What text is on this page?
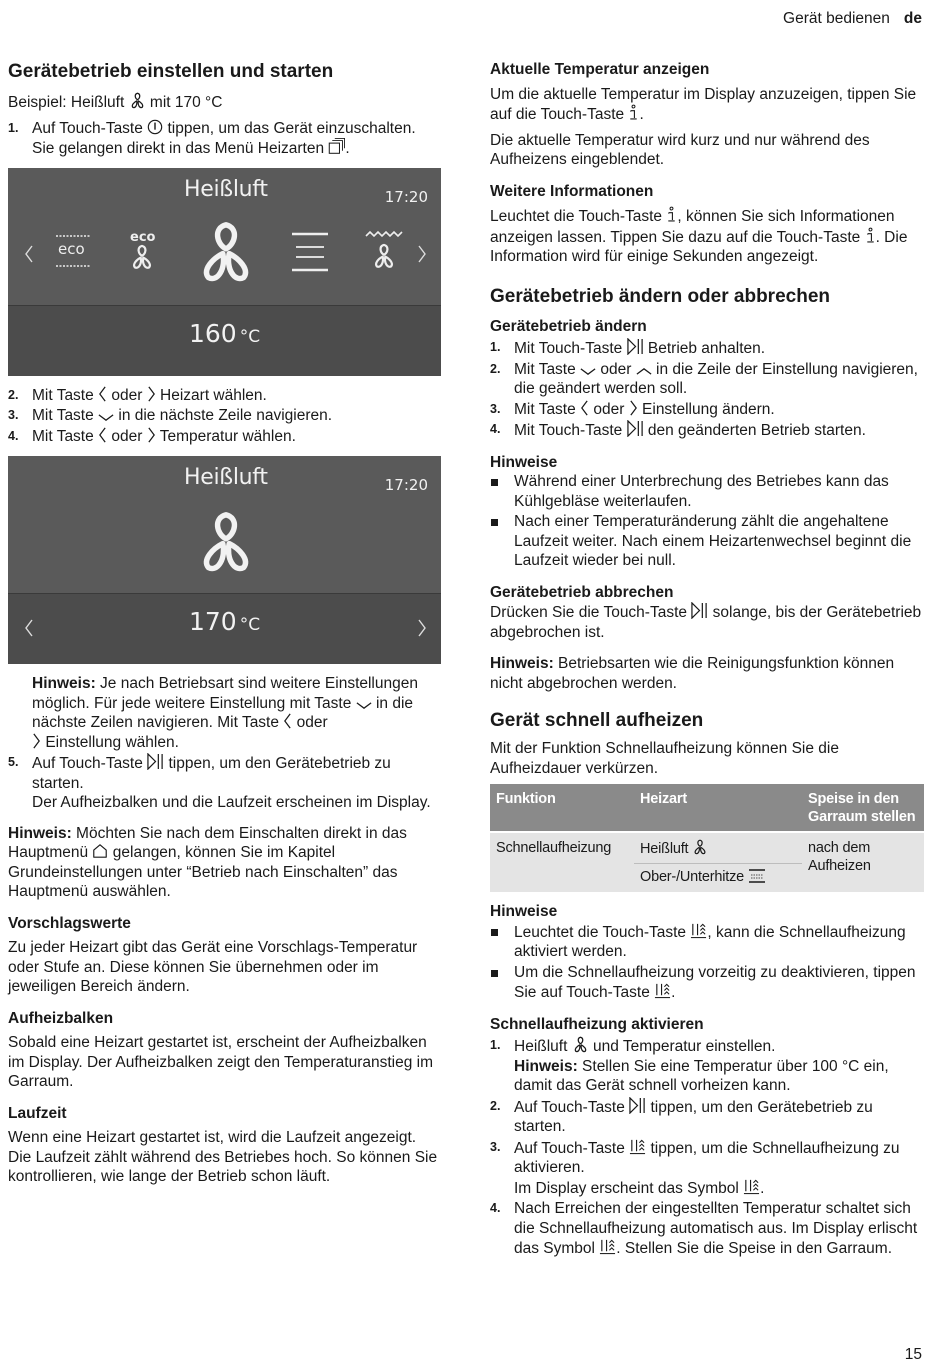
Gerät bedienen de
Gerätebetrieb einstellen und starten

Beispiel: Heißluft mit 170 °C

1. Auf Touch-Taste tippen, um das Gerät einzuschalten.
Sie gelangen direkt in das Menü Heizarten .
Heißluft	17:20
eco
eco
160 °C
2. Mit Taste oder Heizart wählen.
3. Mit Taste in die nächste Zeile navigieren.
4. Mit Taste oder Temperatur wählen.
Heißluft	17:20
170 °C
Hinweis: Je nach Betriebsart sind weitere Einstellungen möglich. Für jede weitere Einstellung mit Taste in die nächste Zeilen navigieren. Mit Taste oder
Einstellung wählen.
5. Auf Touch-Taste tippen, um den Gerätebetrieb zu starten.
Der Aufheizbalken und die Laufzeit erscheinen im Display.

Hinweis: Möchten Sie nach dem Einschalten direkt in das Hauptmenü gelangen, können Sie im Kapitel Grundeinstellungen unter “Betrieb nach Einschalten” das Hauptmenü auswählen.

Vorschlagswerte

Zu jeder Heizart gibt das Gerät eine Vorschlags-Temperatur oder Stufe an. Diese können Sie übernehmen oder im jeweiligen Bereich ändern.

Aufheizbalken

Sobald eine Heizart gestartet ist, erscheint der Aufheizbalken im Display. Der Aufheizbalken zeigt den Temperaturanstieg im Garraum.

Laufzeit

Wenn eine Heizart gestartet ist, wird die Laufzeit angezeigt. Die Laufzeit zählt während des Betriebes hoch. So können Sie kontrollieren, wie lange der Betrieb schon läuft.

Aktuelle Temperatur anzeigen

Um die aktuelle Temperatur im Display anzuzeigen, tippen Sie auf die Touch-Taste .

Die aktuelle Temperatur wird kurz und nur während des Aufheizens eingeblendet.

Weitere Informationen

Leuchtet die Touch-Taste , können Sie sich Informationen anzeigen lassen. Tippen Sie dazu auf die Touch-Taste . Die Information wird für einige Sekunden angezeigt.

Gerätebetrieb ändern oder abbrechen
Gerätebetrieb ändern
1. Mit Touch-Taste Betrieb anhalten.
2. Mit Taste oder in die Zeile der Einstellung navigieren, die geändert werden soll.
3. Mit Taste oder Einstellung ändern.
4. Mit Touch-Taste den geänderten Betrieb starten.
Hinweise
Während einer Unterbrechung des Betriebes kann das Kühlgebläse weiterlaufen.
Nach einer Temperaturänderung zählt die angehaltene Laufzeit weiter. Nach einem Heizartenwechsel beginnt die Laufzeit wieder bei null.
Gerätebetrieb abbrechen

Drücken Sie die Touch-Taste solange, bis der Gerätebetrieb abgebrochen ist.

Hinweis: Betriebsarten wie die Reinigungsfunktion können nicht abgebrochen werden.

Gerät schnell aufheizen

Mit der Funktion Schnellaufheizung können Sie die Aufheizdauer verkürzen.

Funktion	Heizart	Speise in den Garraum stellen
Schnellaufheizung	Heißluft	nach dem Aufheizen
	Ober-/Unterhitze	
Hinweise
Leuchtet die Touch-Taste , kann die Schnellaufheizung aktiviert werden.
Um die Schnellaufheizung vorzeitig zu deaktivieren, tippen Sie auf Touch-Taste .
Schnellaufheizung aktivieren
1. Heißluft und Temperatur einstellen.
Hinweis: Stellen Sie eine Temperatur über 100 °C ein, damit das Gerät schnell vorheizen kann.
2. Auf Touch-Taste tippen, um den Gerätebetrieb zu starten.
3. Auf Touch-Taste tippen, um die Schnellaufheizung zu aktivieren.
Im Display erscheint das Symbol .
4. Nach Erreichen der eingestellten Temperatur schaltet sich die Schnellaufheizung automatisch aus. Im Display erlischt das Symbol . Stellen Sie die Speise in den Garraum.
15
